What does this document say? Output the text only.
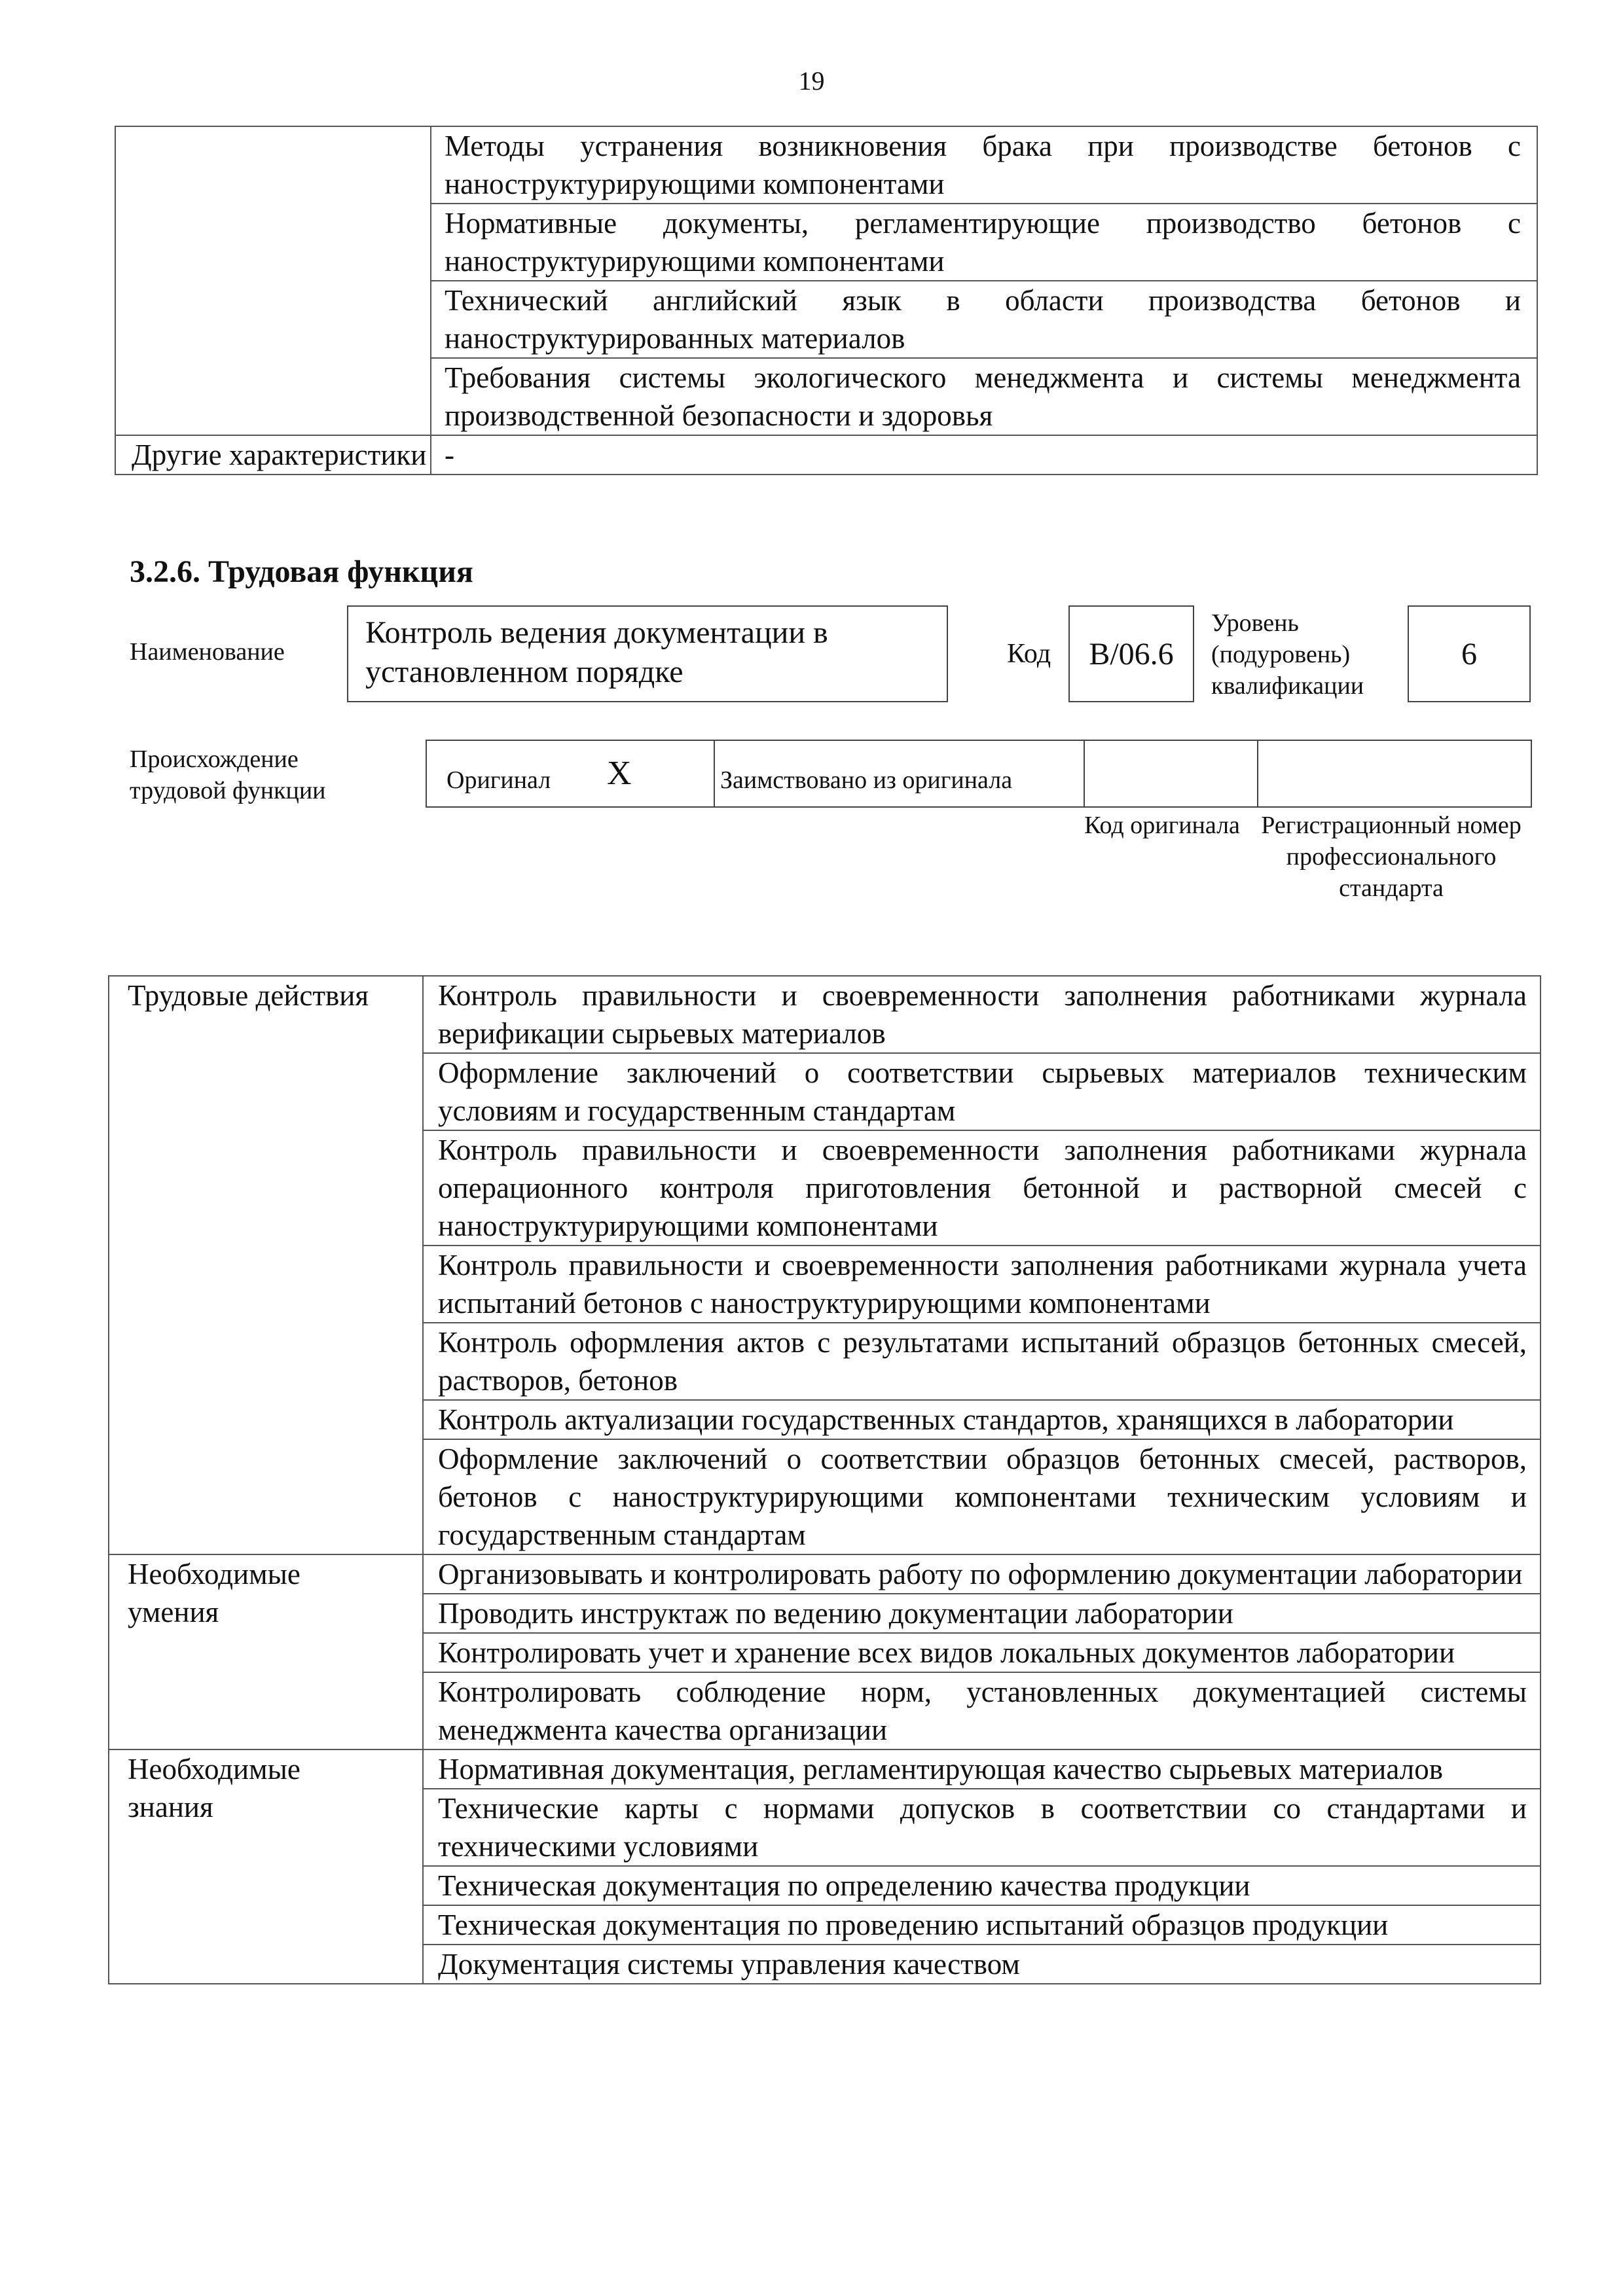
19

	Методы устранения возникновения брака при производстве бетонов с наноструктурирующими компонентами

	Нормативные документы, регламентирующие производство бетонов с наноструктурирующими компонентами

	Технический английский язык в области производства бетонов и наноструктурированных материалов

	Требования системы экологического менеджмента и системы менеджмента производственной безопасности и здоровья

Другие характеристики	-
3.2.6. Трудовая функция
Наименование
Контроль ведения документации в установленном порядке
Код B/06.6
Уровень (подуровень) квалификации
6
Происхождение трудовой функции	Оригинал Х	Заимствовано из оригинала
Код оригинала Регистрационный номер профессионального стандарта
Трудовые действия	Контроль правильности и своевременности заполнения работниками журнала верификации сырьевых материалов

	Оформление заключений о соответствии сырьевых материалов техническим условиям и государственным стандартам

	Контроль правильности и своевременности заполнения работниками журнала операционного контроля приготовления бетонной и растворной смесей с наноструктурирующими компонентами

	Контроль правильности и своевременности заполнения работниками журнала учета испытаний бетонов с наноструктурирующими компонентами

	Контроль оформления актов с результатами испытаний образцов бетонных смесей, растворов, бетонов

	Контроль актуализации государственных стандартов, хранящихся в лаборатории

	Оформление заключений о соответствии образцов бетонных смесей, растворов, бетонов с наноструктурирующими компонентами техническим условиям и государственным стандартам

Необходимые умения	Организовывать и контролировать работу по оформлению документации лаборатории

	Проводить инструктаж по ведению документации лаборатории

	Контролировать учет и хранение всех видов локальных документов лаборатории

	Контролировать соблюдение норм, установленных документацией системы менеджмента качества организации

Необходимые знания	Нормативная документация, регламентирующая качество сырьевых материалов

	Технические карты с нормами допусков в соответствии со стандартами и техническими условиями

	Техническая документация по определению качества продукции

	Техническая документация по проведению испытаний образцов продукции

	Документация системы управления качеством
